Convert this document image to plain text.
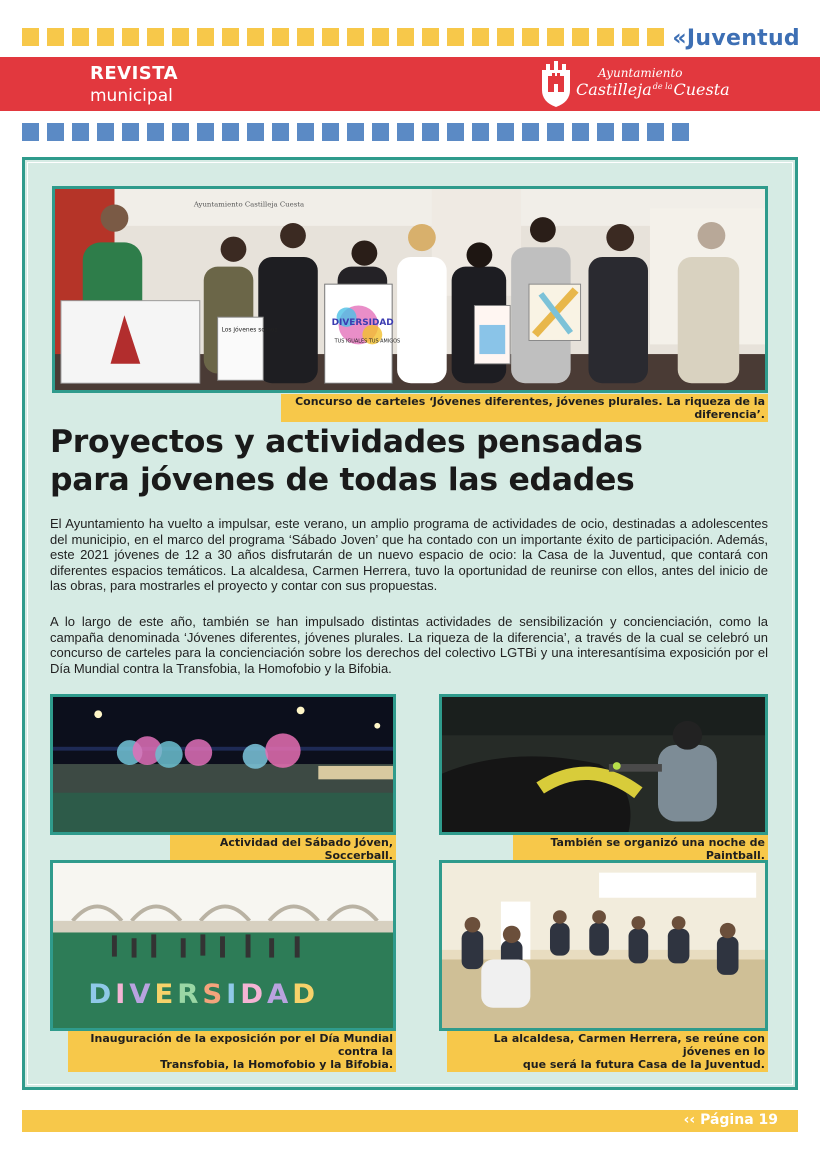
«Juventud
REVISTA
municipal
Ayuntamiento
Castilleja$^{de la}$Cuesta
Ayuntamiento Castilleja Cuesta
Los jóvenes somos
DIVERSIDAD
TUS IGUALES TUS AMIGOS
Concurso de carteles ‘Jóvenes diferentes, jóvenes plurales. La riqueza de la diferencia’.
Proyectos y actividades pensadas
para jóvenes de todas las edades

El Ayuntamiento ha vuelto a impulsar, este verano, un amplio programa de actividades de ocio, destinadas a adolescentes del municipio, en el marco del programa ‘Sábado Joven’ que ha contado con un importante éxito de participación. Además, este 2021 jóvenes de 12 a 30 años disfrutarán de un nuevo espacio de ocio: la Casa de la Juventud, que contará con diferentes espacios temáticos. La alcaldesa, Carmen Herrera, tuvo la oportunidad de reunirse con ellos, antes del inicio de las obras, para mostrarles el proyecto y contar con sus propuestas.

A lo largo de este año, también se han impulsado distintas actividades de sensibilización y concienciación, como la campaña denominada ‘Jóvenes diferentes, jóvenes plurales. La riqueza de la diferencia’, a través de la cual se celebró un concurso de carteles para la concienciación sobre los derechos del colectivo LGTBi y una interesantísima exposición por el Día Mundial contra la Transfobia, la Homofobio y la Bifobia.

Actividad del Sábado Jóven, Soccerball.
También se organizó una noche de Paintball.
D I V E R S I D A D
Inauguración de la exposición por el Día Mundial contra la
Transfobia, la Homofobio y la Bifobia.
La alcaldesa, Carmen Herrera, se reúne con jóvenes en lo
que será la futura Casa de la Juventud.
‹‹ Página 19
